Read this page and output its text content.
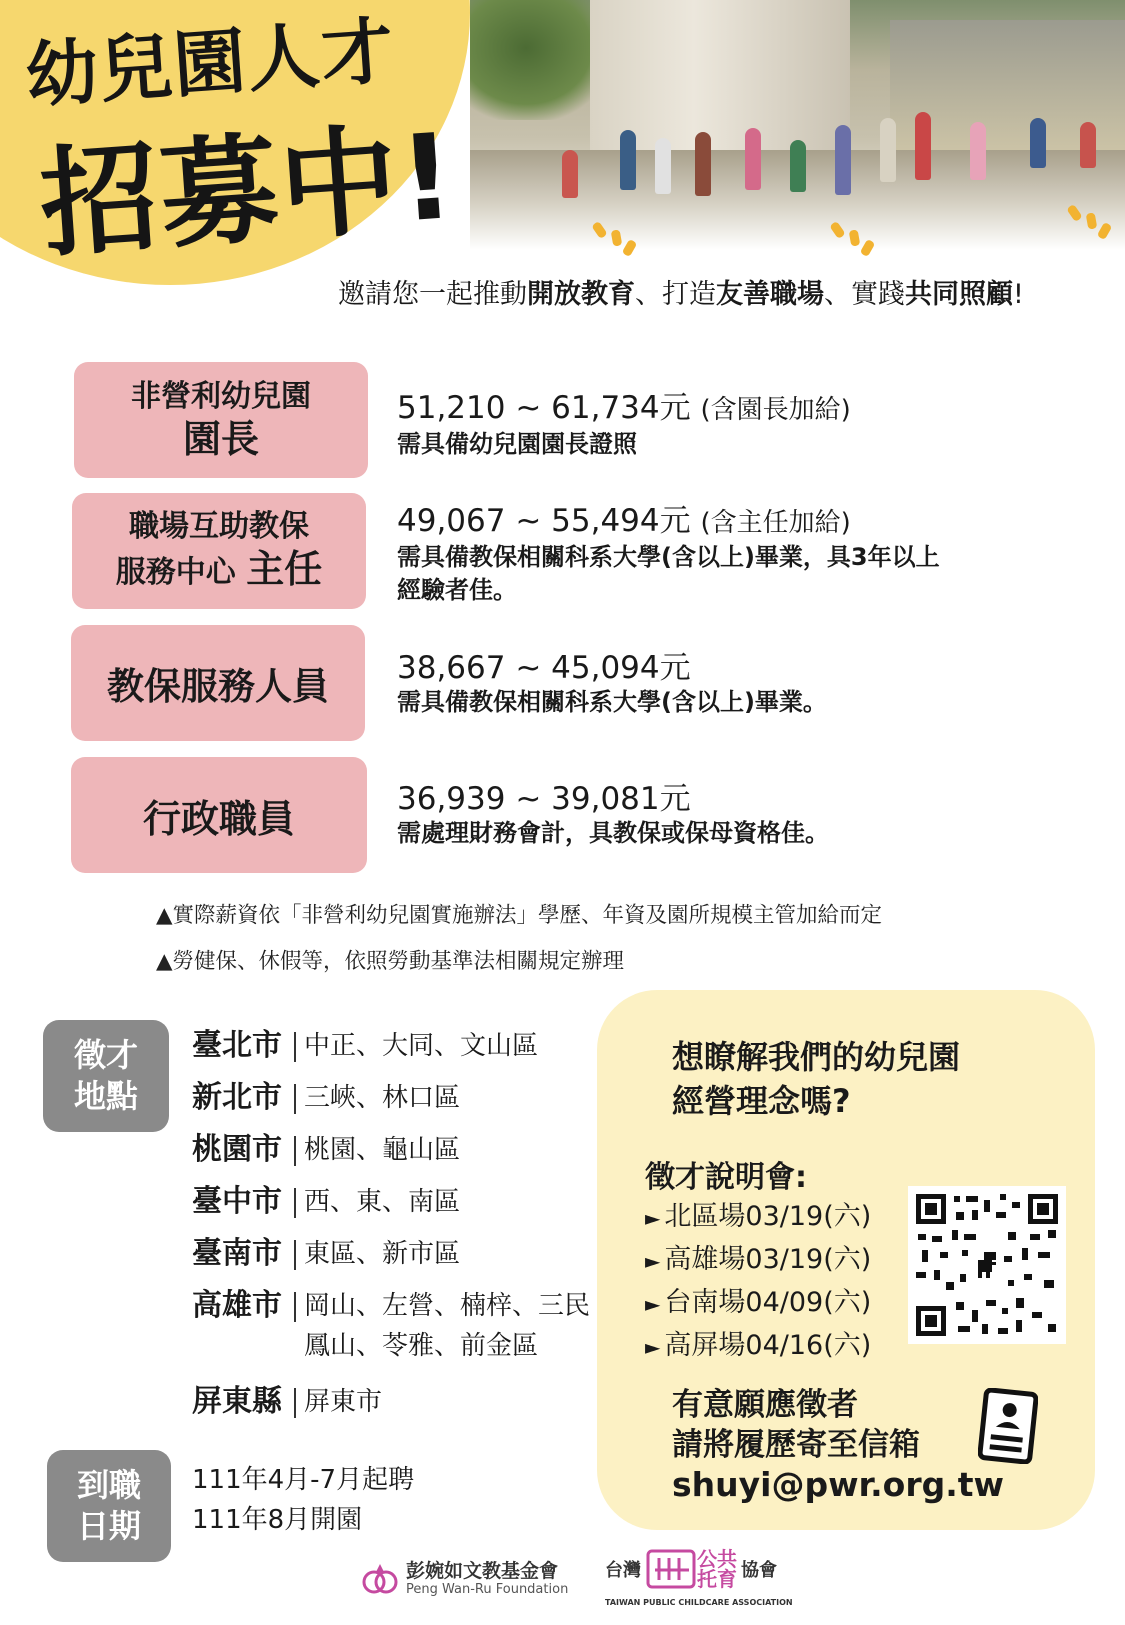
幼兒園人才
招募中!
邀請您一起推動開放教育、打造友善職場、實踐共同照顧!
非營利幼兒園
園長
51,210 ~ 61,734元 (含園長加給)
需具備幼兒園園長證照
職場互助教保
服務中心 主任
49,067 ~ 55,494元 (含主任加給)
需具備教保相關科系大學(含以上)畢業，具3年以上
經驗者佳。
教保服務人員 38,667 ~ 45,094元
需具備教保相關科系大學(含以上)畢業。
行政職員	36,939 ~ 39,081元
需處理財務會計，具教保或保母資格佳。
▲實際薪資依「非營利幼兒園實施辦法」學歷、年資及園所規模主管加給而定
▲勞健保、休假等，依照勞動基準法相關規定辦理
徵才
地點
臺北市 中正、大同、文山區
新北市 三峽、林口區
桃園市 桃園、龜山區
臺中市 西、東、南區
臺南市 東區、新市區
高雄市 岡山、左營、楠梓、三民
鳳山、苓雅、前金區
屏東縣 屏東市
到職
日期
111年4月-7月起聘
111年8月開園
想瞭解我們的幼兒園
經營理念嗎?
徵才說明會:
► 北區場03/19(六)
► 高雄場03/19(六)
► 台南場04/09(六)
► 高屏場04/16(六)
有意願應徵者
請將履歷寄至信箱
shuyi@pwr.org.tw
彭婉如文教基金會
Peng Wan-Ru Foundation
台灣	公共
托育 協會
TAIWAN PUBLIC CHILDCARE ASSOCIATION
